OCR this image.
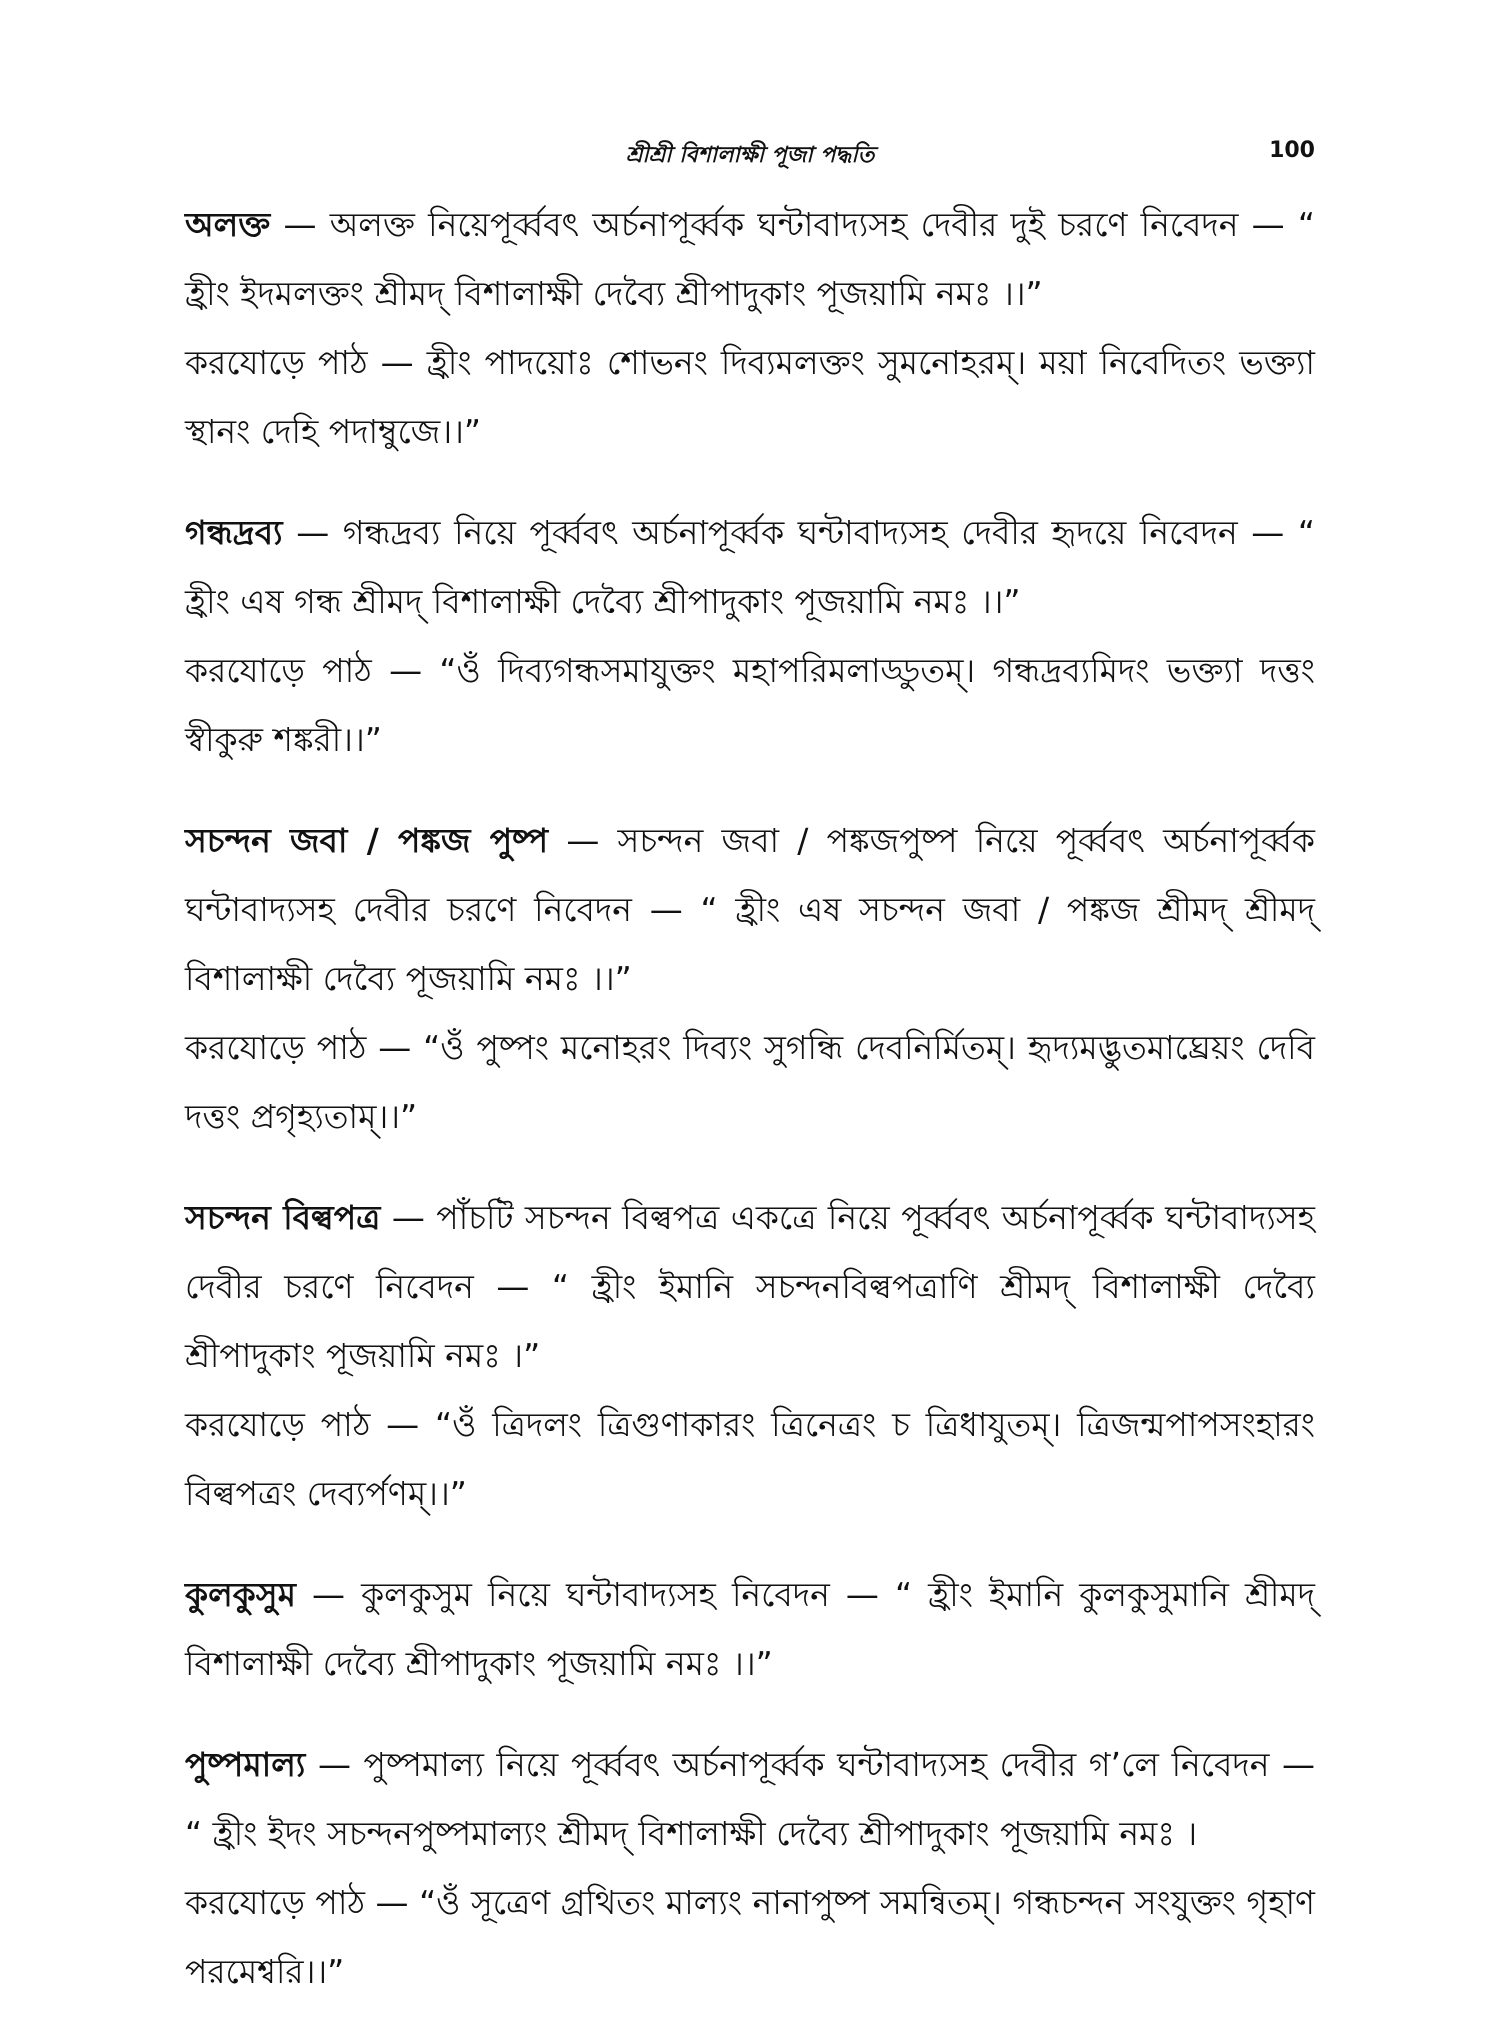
শ্রীশ্রী বিশালাক্ষী পূজা পদ্ধতি	100

অলক্ত — অলক্ত নিয়েপূর্ব্ববৎ অর্চনাপূর্ব্বক ঘন্টাবাদ্যসহ দেবীর দুই চরণে নিবেদন — “ হ্রীং ইদমলক্তং শ্রীমদ্ বিশালাক্ষী দেব্যৈ শ্রীপাদুকাং পূজয়ামি নমঃ ।।”

করযোড়ে পাঠ — হ্রীং পাদয়োঃ শোভনং দিব্যমলক্তং সুমনোহরম্। ময়া নিবেদিতং ভক্ত্যা স্থানং দেহি পদাম্বুজে।।”

গন্ধদ্রব্য — গন্ধদ্রব্য নিয়ে পূর্ব্ববৎ অর্চনাপূর্ব্বক ঘন্টাবাদ্যসহ দেবীর হৃদয়ে নিবেদন — “ হ্রীং এষ গন্ধ শ্রীমদ্ বিশালাক্ষী দেব্যৈ শ্রীপাদুকাং পূজয়ামি নমঃ ।।”

করযোড়ে পাঠ — “ওঁ দিব্যগন্ধসমাযুক্তং মহাপরিমলাড্ডুতম্। গন্ধদ্রব্যমিদং ভক্ত্যা দত্তং স্বীকুরু শঙ্করী।।”

সচন্দন জবা / পঙ্কজ পুষ্প — সচন্দন জবা / পঙ্কজপুষ্প নিয়ে পূর্ব্ববৎ অর্চনাপূর্ব্বক ঘন্টাবাদ্যসহ দেবীর চরণে নিবেদন — “ হ্রীং এষ সচন্দন জবা / পঙ্কজ শ্রীমদ্ শ্রীমদ্ বিশালাক্ষী দেব্যৈ পূজয়ামি নমঃ ।।”

করযোড়ে পাঠ — “ওঁ পুষ্পং মনোহরং দিব্যং সুগন্ধি দেবনির্মিতম্। হৃদ্যমদ্ভুতমাঘ্রেয়ং দেবি দত্তং প্রগৃহ্যতাম্।।”

সচন্দন বিল্বপত্র — পাঁচটি সচন্দন বিল্বপত্র একত্রে নিয়ে পূর্ব্ববৎ অর্চনাপূর্ব্বক ঘন্টাবাদ্যসহ দেবীর চরণে নিবেদন — “ হ্রীং ইমানি সচন্দনবিল্বপত্রাণি শ্রীমদ্ বিশালাক্ষী দেব্যৈ শ্রীপাদুকাং পূজয়ামি নমঃ ।”

করযোড়ে পাঠ — “ওঁ ত্রিদলং ত্রিগুণাকারং ত্রিনেত্রং চ ত্রিধাযুতম্। ত্রিজন্মপাপসংহারং বিল্বপত্রং দেব্যর্পণম্।।”

কুলকুসুম — কুলকুসুম নিয়ে ঘন্টাবাদ্যসহ নিবেদন — “ হ্রীং ইমানি কুলকুসুমানি শ্রীমদ্ বিশালাক্ষী দেব্যৈ শ্রীপাদুকাং পূজয়ামি নমঃ ।।”

পুষ্পমাল্য — পুষ্পমাল্য নিয়ে পূর্ব্ববৎ অর্চনাপূর্ব্বক ঘন্টাবাদ্যসহ দেবীর গ’লে নিবেদন — “ হ্রীং ইদং সচন্দনপুষ্পমাল্যং শ্রীমদ্ বিশালাক্ষী দেব্যৈ শ্রীপাদুকাং পূজয়ামি নমঃ ।

করযোড়ে পাঠ — “ওঁ সূত্রেণ গ্রথিতং মাল্যং নানাপুষ্প সমন্বিতম্। গন্ধচন্দন সংযুক্তং গৃহাণ পরমেশ্বরি।।”
